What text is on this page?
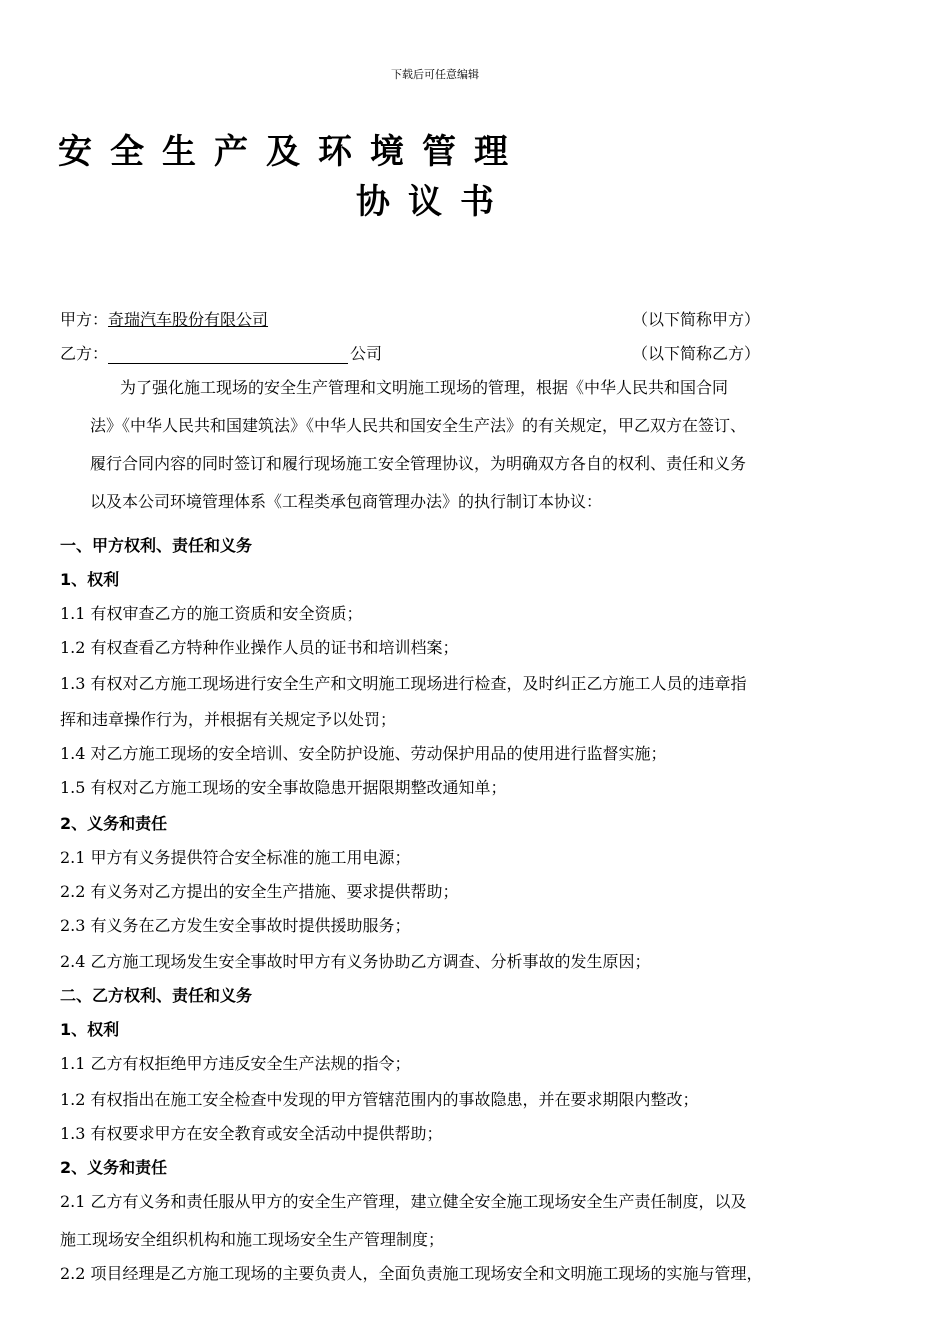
下载后可任意编辑
安全生产及环境管理
协议书
甲方：奇瑞汽车股份有限公司	（以下简称甲方）
乙方：	公司	（以下简称乙方）
为了强化施工现场的安全生产管理和文明施工现场的管理，根据《中华人民共和国合同
法》《中华人民共和国建筑法》《中华人民共和国安全生产法》的有关规定，甲乙双方在签订、
履行合同内容的同时签订和履行现场施工安全管理协议，为明确双方各自的权利、责任和义务
以及本公司环境管理体系《工程类承包商管理办法》的执行制订本协议：
一、甲方权利、责任和义务
1、权利
1.1 有权审查乙方的施工资质和安全资质；
1.2 有权查看乙方特种作业操作人员的证书和培训档案；
1.3 有权对乙方施工现场进行安全生产和文明施工现场进行检查，及时纠正乙方施工人员的违章指
挥和违章操作行为，并根据有关规定予以处罚；
1.4 对乙方施工现场的安全培训、安全防护设施、劳动保护用品的使用进行监督实施；
1.5 有权对乙方施工现场的安全事故隐患开据限期整改通知单；
2、义务和责任
2.1 甲方有义务提供符合安全标准的施工用电源；
2.2 有义务对乙方提出的安全生产措施、要求提供帮助；
2.3 有义务在乙方发生安全事故时提供援助服务；
2.4 乙方施工现场发生安全事故时甲方有义务协助乙方调查、分析事故的发生原因；
二、乙方权利、责任和义务
1、权利
1.1 乙方有权拒绝甲方违反安全生产法规的指令；
1.2 有权指出在施工安全检查中发现的甲方管辖范围内的事故隐患，并在要求期限内整改；
1.3 有权要求甲方在安全教育或安全活动中提供帮助；
2、义务和责任
2.1 乙方有义务和责任服从甲方的安全生产管理，建立健全安全施工现场安全生产责任制度，以及
施工现场安全组织机构和施工现场安全生产管理制度；
2.2 项目经理是乙方施工现场的主要负责人，全面负责施工现场安全和文明施工现场的实施与管理，
